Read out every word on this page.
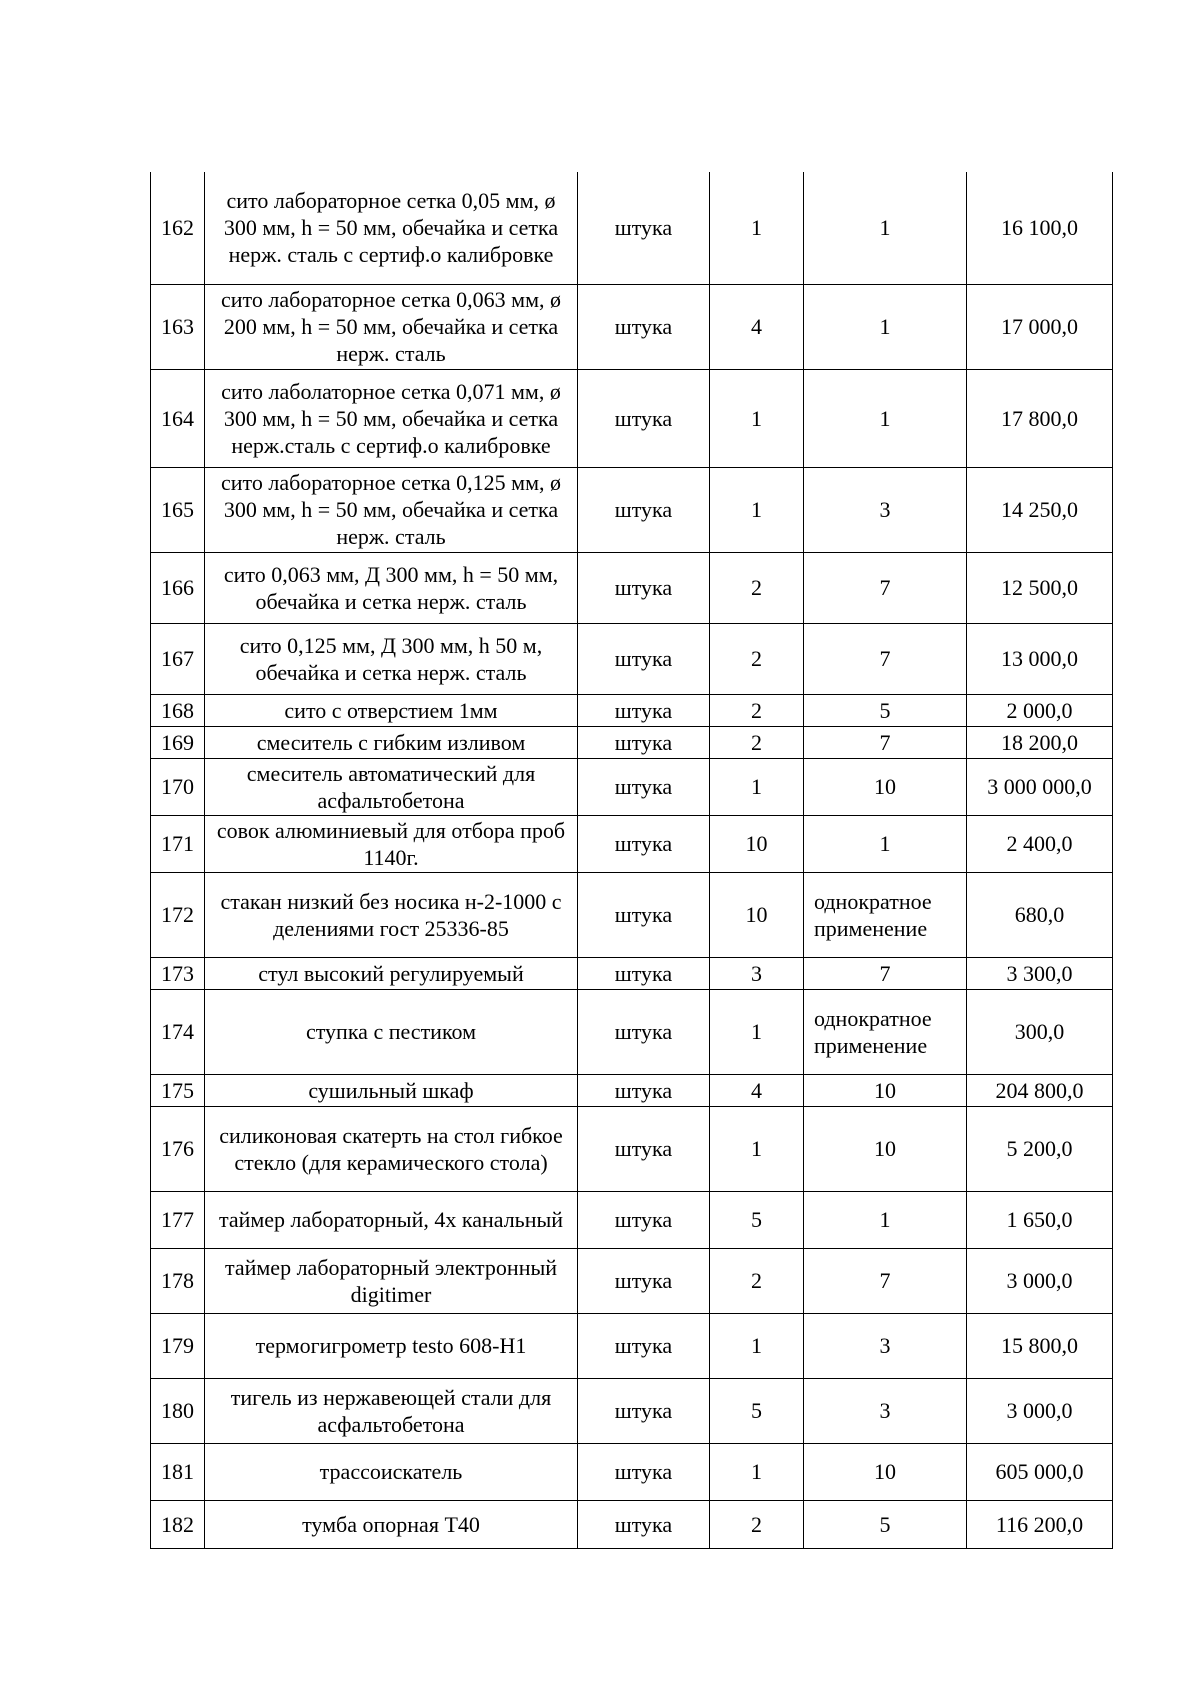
162	сито лабораторное сетка 0,05 мм, ø 300 мм, h = 50 мм, обечайка и сетка нерж. сталь с сертиф.о калибровке	штука	1	1	16 100,0
163	сито лабораторное сетка 0,063 мм, ø 200 мм, h = 50 мм, обечайка и сетка нерж. сталь	штука	4	1	17 000,0
164	сито лаболаторное сетка 0,071 мм, ø 300 мм, h = 50 мм, обечайка и сетка нерж.сталь с сертиф.о калибровке	штука	1	1	17 800,0
165	сито лабораторное сетка 0,125 мм, ø 300 мм, h = 50 мм, обечайка и сетка нерж. сталь	штука	1	3	14 250,0
166	сито 0,063 мм, Д 300 мм, h = 50 мм, обечайка и сетка нерж. сталь	штука	2	7	12 500,0
167	сито 0,125 мм, Д 300 мм, h 50 м, обечайка и сетка нерж. сталь	штука	2	7	13 000,0
168	сито с отверстием 1мм	штука	2	5	2 000,0
169	смеситель с гибким изливом	штука	2	7	18 200,0
170	смеситель автоматический для асфальтобетона	штука	1	10	3 000 000,0
171	совок алюминиевый для отбора проб 1140г.	штука	10	1	2 400,0
172	стакан низкий без носика н-2-1000 с делениями гост 25336-85	штука	10	однократное применение	680,0
173	стул высокий регулируемый	штука	3	7	3 300,0
174	ступка с пестиком	штука	1	однократное применение	300,0
175	сушильный шкаф	штука	4	10	204 800,0
176	силиконовая скатерть на стол гибкое стекло (для керамического стола)	штука	1	10	5 200,0
177	таймер лабораторный, 4х канальный	штука	5	1	1 650,0
178	таймер лабораторный электронный digitimer	штука	2	7	3 000,0
179	термогигрометр testo 608-H1	штука	1	3	15 800,0
180	тигель из нержавеющей стали для асфальтобетона	штука	5	3	3 000,0
181	трассоискатель	штука	1	10	605 000,0
182	тумба опорная Т40	штука	2	5	116 200,0
